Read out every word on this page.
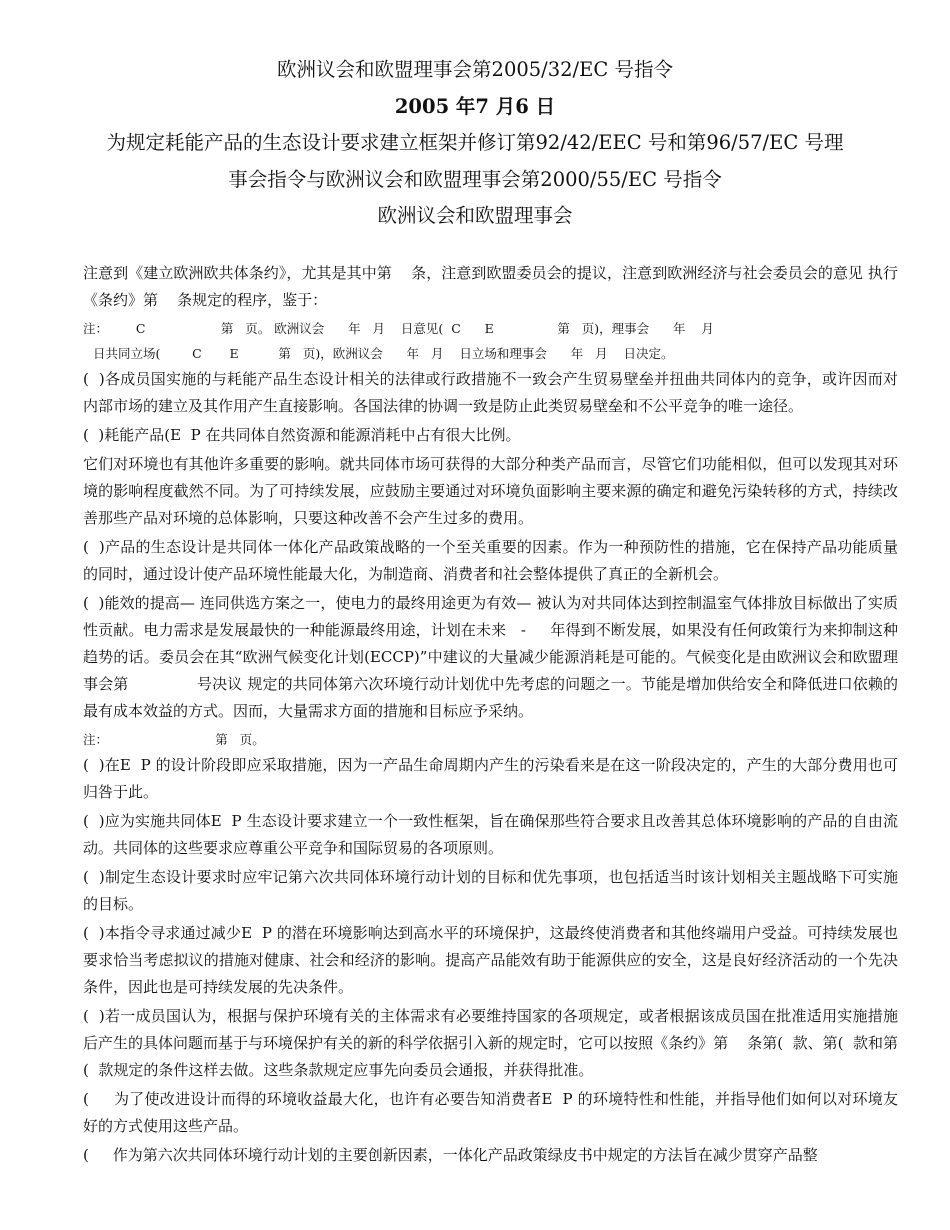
欧洲议会和欧盟理事会第2005/32/EC 号指令

2005 年7 月6 日

为规定耗能产品的生态设计要求建立框架并修订第92/42/EEC 号和第96/57/EC 号理

事会指令与欧洲议会和欧盟理事会第2000/55/EC 号指令

欧洲议会和欧盟理事会

注意到《建立欧洲欧共体条约》，尤其是其中第    条，注意到欧盟委员会的提议，注意到欧洲经济与社会委员会的意见 执行《条约》第    条规定的程序，鉴于：

注：       C                   第   页。 欧洲议会      年   月    日意见(  C      E                第   页)，理事会      年    月

日共同立场(        C       E          第   页)，欧洲议会      年   月    日立场和理事会      年   月    日决定。

(  )各成员国实施的与耗能产品生态设计相关的法律或行政措施不一致会产生贸易壁垒并扭曲共同体内的竞争，或许因而对内部市场的建立及其作用产生直接影响。各国法律的协调一致是防止此类贸易壁垒和不公平竞争的唯一途径。

(  )耗能产品(E  P 在共同体自然资源和能源消耗中占有很大比例。

它们对环境也有其他许多重要的影响。就共同体市场可获得的大部分种类产品而言，尽管它们功能相似，但可以发现其对环境的影响程度截然不同。为了可持续发展，应鼓励主要通过对环境负面影响主要来源的确定和避免污染转移的方式，持续改善那些产品对环境的总体影响，只要这种改善不会产生过多的费用。

(  )产品的生态设计是共同体一体化产品政策战略的一个至关重要的因素。作为一种预防性的措施，它在保持产品功能质量的同时，通过设计使产品环境性能最大化，为制造商、消费者和社会整体提供了真正的全新机会。

(  )能效的提高— 连同供选方案之一，使电力的最终用途更为有效— 被认为对共同体达到控制温室气体排放目标做出了实质性贡献。电力需求是发展最快的一种能源最终用途，计划在未来   -     年得到不断发展，如果没有任何政策行为来抑制这种趋势的话。委员会在其“欧洲气候变化计划(ECCP)”中建议的大量减少能源消耗是可能的。气候变化是由欧洲议会和欧盟理事会第              号决议 规定的共同体第六次环境行动计划优中先考虑的问题之一。节能是增加供给安全和降低进口依赖的最有成本效益的方式。因而，大量需求方面的措施和目标应予采纳。

注：                           第   页。

(  )在E  P 的设计阶段即应采取措施，因为一产品生命周期内产生的污染看来是在这一阶段决定的，产生的大部分费用也可归咎于此。

(  )应为实施共同体E  P 生态设计要求建立一个一致性框架，旨在确保那些符合要求且改善其总体环境影响的产品的自由流动。共同体的这些要求应尊重公平竞争和国际贸易的各项原则。

(  )制定生态设计要求时应牢记第六次共同体环境行动计划的目标和优先事项，也包括适当时该计划相关主题战略下可实施的目标。

(  )本指令寻求通过减少E  P 的潜在环境影响达到高水平的环境保护，这最终使消费者和其他终端用户受益。可持续发展也要求恰当考虑拟议的措施对健康、社会和经济的影响。提高产品能效有助于能源供应的安全，这是良好经济活动的一个先决条件，因此也是可持续发展的先决条件。

(  )若一成员国认为，根据与保护环境有关的主体需求有必要维持国家的各项规定，或者根据该成员国在批准适用实施措施后产生的具体问题而基于与环境保护有关的新的科学依据引入新的规定时，它可以按照《条约》第    条第(  款、第(  款和第(  款规定的条件这样去做。这些条款规定应事先向委员会通报，并获得批准。

(     为了使改进设计而得的环境收益最大化，也许有必要告知消费者E  P 的环境特性和性能，并指导他们如何以对环境友好的方式使用这些产品。

(     作为第六次共同体环境行动计划的主要创新因素，一体化产品政策绿皮书中规定的方法旨在减少贯穿产品整
